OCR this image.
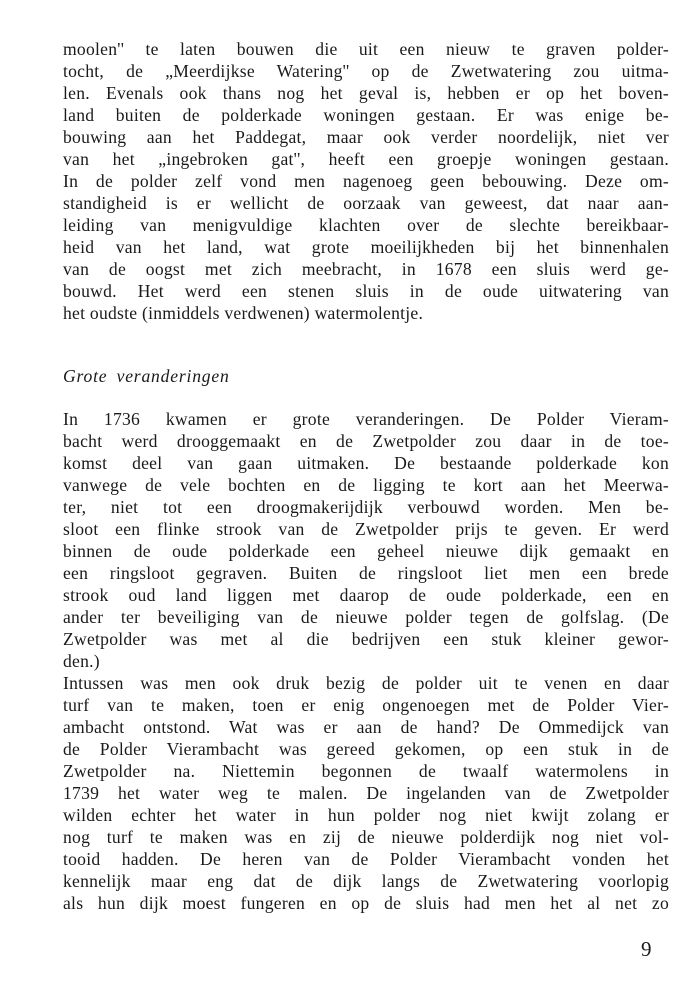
moolen'' te laten bouwen die uit een nieuw te graven polder-
tocht, de „Meerdijkse Watering'' op de Zwetwatering zou uitma-
len. Evenals ook thans nog het geval is, hebben er op het boven-
land buiten de polderkade woningen gestaan. Er was enige be-
bouwing aan het Paddegat, maar ook verder noordelijk, niet ver
van het „ingebroken gat'', heeft een groepje woningen gestaan.
In de polder zelf vond men nagenoeg geen bebouwing. Deze om-
standigheid is er wellicht de oorzaak van geweest, dat naar aan-
leiding van menigvuldige klachten over de slechte bereikbaar-
heid van het land, wat grote moeilijkheden bij het binnenhalen
van de oogst met zich meebracht, in 1678 een sluis werd ge-
bouwd. Het werd een stenen sluis in de oude uitwatering van
het oudste (inmiddels verdwenen) watermolentje.
Grote veranderingen
In 1736 kwamen er grote veranderingen. De Polder Vieram-
bacht werd drooggemaakt en de Zwetpolder zou daar in de toe-
komst deel van gaan uitmaken. De bestaande polderkade kon
vanwege de vele bochten en de ligging te kort aan het Meerwa-
ter, niet tot een droogmakerijdijk verbouwd worden. Men be-
sloot een flinke strook van de Zwetpolder prijs te geven. Er werd
binnen de oude polderkade een geheel nieuwe dijk gemaakt en
een ringsloot gegraven. Buiten de ringsloot liet men een brede
strook oud land liggen met daarop de oude polderkade, een en
ander ter beveiliging van de nieuwe polder tegen de golfslag. (De
Zwetpolder was met al die bedrijven een stuk kleiner gewor-
den.)
Intussen was men ook druk bezig de polder uit te venen en daar
turf van te maken, toen er enig ongenoegen met de Polder Vier-
ambacht ontstond. Wat was er aan de hand? De Ommedijck van
de Polder Vierambacht was gereed gekomen, op een stuk in de
Zwetpolder na. Niettemin begonnen de twaalf watermolens in
1739 het water weg te malen. De ingelanden van de Zwetpolder
wilden echter het water in hun polder nog niet kwijt zolang er
nog turf te maken was en zij de nieuwe polderdijk nog niet vol-
tooid hadden. De heren van de Polder Vierambacht vonden het
kennelijk maar eng dat de dijk langs de Zwetwatering voorlopig
als hun dijk moest fungeren en op de sluis had men het al net zo
9
